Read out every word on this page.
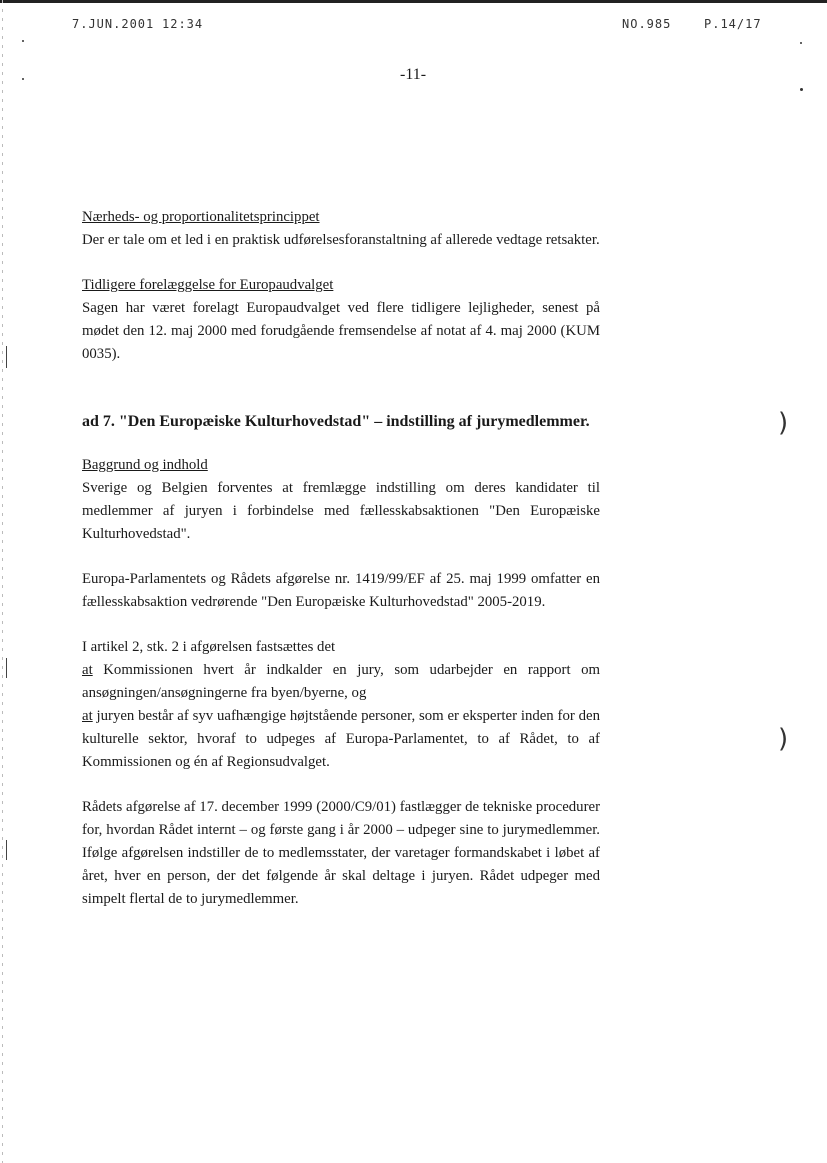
7.JUN.2001 12:34	NO.985	P.14/17
-11-
Nærheds- og proportionalitetsprincippet

Der er tale om et led i en praktisk udførelsesforanstaltning af allerede vedtage retsakter.

Tidligere forelæggelse for Europaudvalget

Sagen har været forelagt Europaudvalget ved flere tidligere lejligheder, senest på mødet den 12. maj 2000 med forudgående fremsendelse af notat af 4. maj 2000 (KUM 0035).

ad 7. "Den Europæiske Kulturhovedstad" – indstilling af jurymedlemmer.

Baggrund og indhold

Sverige og Belgien forventes at fremlægge indstilling om deres kandidater til medlemmer af juryen i forbindelse med fællesskabsaktionen "Den Europæiske Kulturhovedstad".

Europa-Parlamentets og Rådets afgørelse nr. 1419/99/EF af 25. maj 1999 omfatter en fællesskabsaktion vedrørende "Den Europæiske Kulturhovedstad" 2005-2019.

I artikel 2, stk. 2 i afgørelsen fastsættes det
at Kommissionen hvert år indkalder en jury, som udarbejder en rapport om ansøgningen/ansøgningerne fra byen/byerne, og
at juryen består af syv uafhængige højtstående personer, som er eksperter inden for den kulturelle sektor, hvoraf to udpeges af Europa-Parlamentet, to af Rådet, to af Kommissionen og én af Regionsudvalget.

Rådets afgørelse af 17. december 1999 (2000/C9/01) fastlægger de tekniske procedurer for, hvordan Rådet internt – og første gang i år 2000 – udpeger sine to jurymedlemmer. Ifølge afgørelsen indstiller de to medlemsstater, der varetager formandskabet i løbet af året, hver en person, der det følgende år skal deltage i juryen. Rådet udpeger med simpelt flertal de to jurymedlemmer.

)
)
